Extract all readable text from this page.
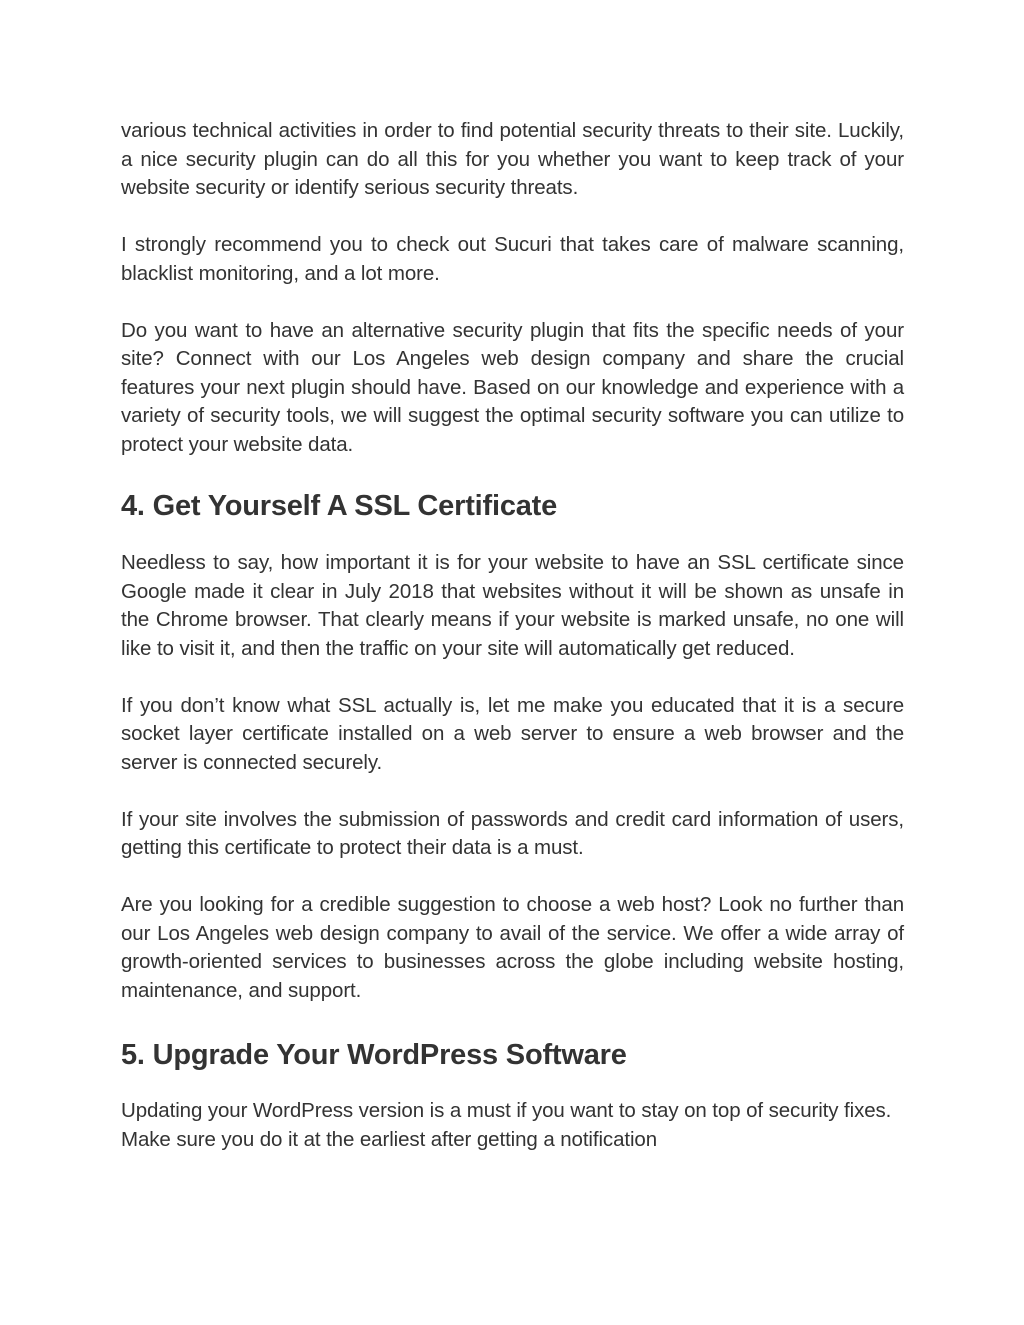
various technical activities in order to find potential security threats to their site. Luckily, a nice security plugin can do all this for you whether you want to keep track of your website security or identify serious security threats.

I strongly recommend you to check out Sucuri that takes care of malware scanning, blacklist monitoring, and a lot more.

Do you want to have an alternative security plugin that fits the specific needs of your site? Connect with our Los Angeles web design company and share the crucial features your next plugin should have. Based on our knowledge and experience with a variety of security tools, we will suggest the optimal security software you can utilize to protect your website data.

4. Get Yourself A SSL Certificate

Needless to say, how important it is for your website to have an SSL certificate since Google made it clear in July 2018 that websites without it will be shown as unsafe in the Chrome browser. That clearly means if your website is marked unsafe, no one will like to visit it, and then the traffic on your site will automatically get reduced.

If you don’t know what SSL actually is, let me make you educated that it is a secure socket layer certificate installed on a web server to ensure a web browser and the server is connected securely.

If your site involves the submission of passwords and credit card information of users, getting this certificate to protect their data is a must.

Are you looking for a credible suggestion to choose a web host? Look no further than our Los Angeles web design company to avail of the service. We offer a wide array of growth-oriented services to businesses across the globe including website hosting, maintenance, and support.

5. Upgrade Your WordPress Software

Updating your WordPress version is a must if you want to stay on top of security fixes. Make sure you do it at the earliest after getting a notification
